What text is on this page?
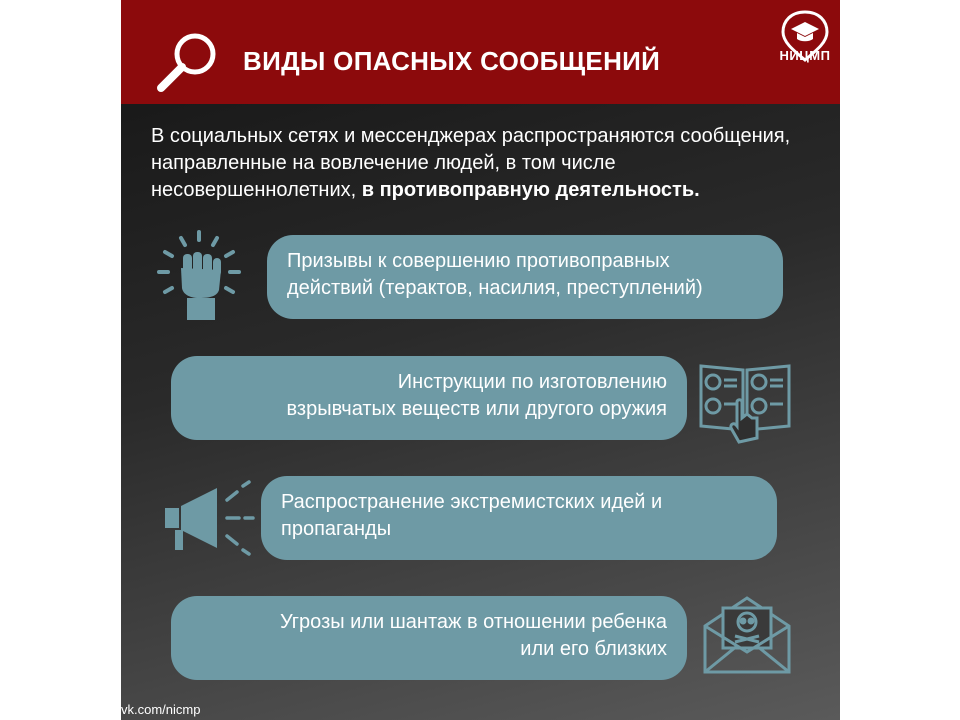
ВИДЫ ОПАСНЫХ СООБЩЕНИЙ	НИЦМП

В социальных сетях и мессенджерах распространяются сообщения, направленные на вовлечение людей, в том числе несовершеннолетних, в противоправную деятельность.

Призывы к совершению противоправных
действий (терактов, насилия, преступлений)
Инструкции по изготовлению
взрывчатых веществ или другого оружия
Распространение экстремистских идей и
пропаганды
Угрозы или шантаж в отношении ребенка
или его близких
vk.com/nicmp
